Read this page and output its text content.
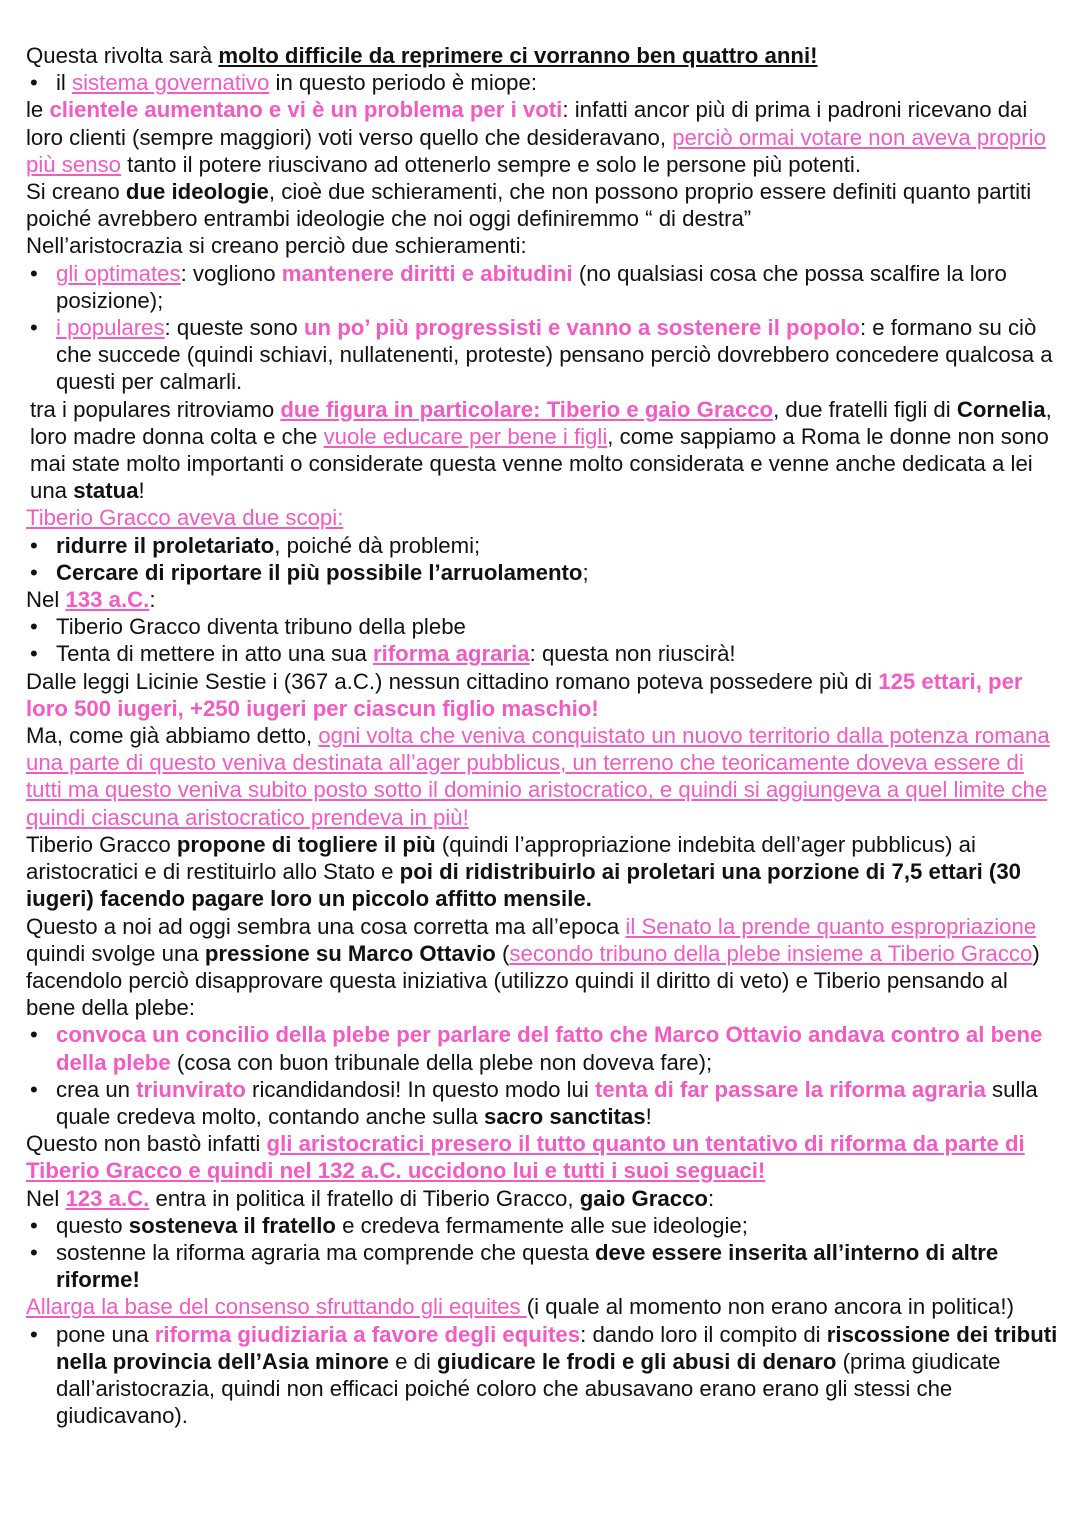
Questa rivolta sarà molto difficile da reprimere ci vorranno ben quattro anni!

• il sistema governativo in questo periodo è miope:

le clientele aumentano e vi è un problema per i voti: infatti ancor più di prima i padroni ricevano dai loro clienti (sempre maggiori) voti verso quello che desideravano, perciò ormai votare non aveva proprio più senso tanto il potere riuscivano ad ottenerlo sempre e solo le persone più potenti.

Si creano due ideologie, cioè due schieramenti, che non possono proprio essere definiti quanto partiti poiché avrebbero entrambi ideologie che noi oggi definiremmo “ di destra”

Nell’aristocrazia si creano perciò due schieramenti:

• gli optimates: vogliono mantenere diritti e abitudini (no qualsiasi cosa che possa scalfire la loro posizione);
• i populares: queste sono un po’ più progressisti e vanno a sostenere il popolo: e formano su ciò che succede (quindi schiavi, nullatenenti, proteste) pensano perciò dovrebbero concedere qualcosa a questi per calmarli.

tra i populares ritroviamo due figura in particolare: Tiberio e gaio Gracco, due fratelli figli di Cornelia, loro madre donna colta e che vuole educare per bene i figli, come sappiamo a Roma le donne non sono mai state molto importanti o considerate questa venne molto considerata e venne anche dedicata a lei una statua!

Tiberio Gracco aveva due scopi:

• ridurre il proletariato, poiché dà problemi;
• Cercare di riportare il più possibile l’arruolamento;

Nel 133 a.C.:

• Tiberio Gracco diventa tribuno della plebe
• Tenta di mettere in atto una sua riforma agraria: questa non riuscirà!

Dalle leggi Licinie Sestie i (367 a.C.) nessun cittadino romano poteva possedere più di 125 ettari, per loro 500 iugeri, +250 iugeri per ciascun figlio maschio!

Ma, come già abbiamo detto, ogni volta che veniva conquistato un nuovo territorio dalla potenza romana una parte di questo veniva destinata all’ager pubblicus, un terreno che teoricamente doveva essere di tutti ma questo veniva subito posto sotto il dominio aristocratico, e quindi si aggiungeva a quel limite che quindi ciascuna aristocratico prendeva in più!

Tiberio Gracco propone di togliere il più (quindi l’appropriazione indebita dell’ager pubblicus) ai aristocratici e di restituirlo allo Stato e poi di ridistribuirlo ai proletari una porzione di 7,5 ettari (30 iugeri) facendo pagare loro un piccolo affitto mensile.

Questo a noi ad oggi sembra una cosa corretta ma all’epoca il Senato la prende quanto espropriazione quindi svolge una pressione su Marco Ottavio (secondo tribuno della plebe insieme a Tiberio Gracco) facendolo perciò disapprovare questa iniziativa (utilizzo quindi il diritto di veto) e Tiberio pensando al bene della plebe:

• convoca un concilio della plebe per parlare del fatto che Marco Ottavio andava contro al bene della plebe (cosa con buon tribunale della plebe non doveva fare);
• crea un triunvirato ricandidandosi! In questo modo lui tenta di far passare la riforma agraria sulla quale credeva molto, contando anche sulla sacro sanctitas!

Questo non bastò infatti gli aristocratici presero il tutto quanto un tentativo di riforma da parte di Tiberio Gracco e quindi nel 132 a.C. uccidono lui e tutti i suoi seguaci!

Nel 123 a.C. entra in politica il fratello di Tiberio Gracco, gaio Gracco:

• questo sosteneva il fratello e credeva fermamente alle sue ideologie;
• sostenne la riforma agraria ma comprende che questa deve essere inserita all’interno di altre riforme!

Allarga la base del consenso sfruttando gli equites (i quale al momento non erano ancora in politica!)

• pone una riforma giudiziaria a favore degli equites: dando loro il compito di riscossione dei tributi nella provincia dell’Asia minore e di giudicare le frodi e gli abusi di denaro (prima giudicate dall’aristocrazia, quindi non efficaci poiché coloro che abusavano erano erano gli stessi che giudicavano).
